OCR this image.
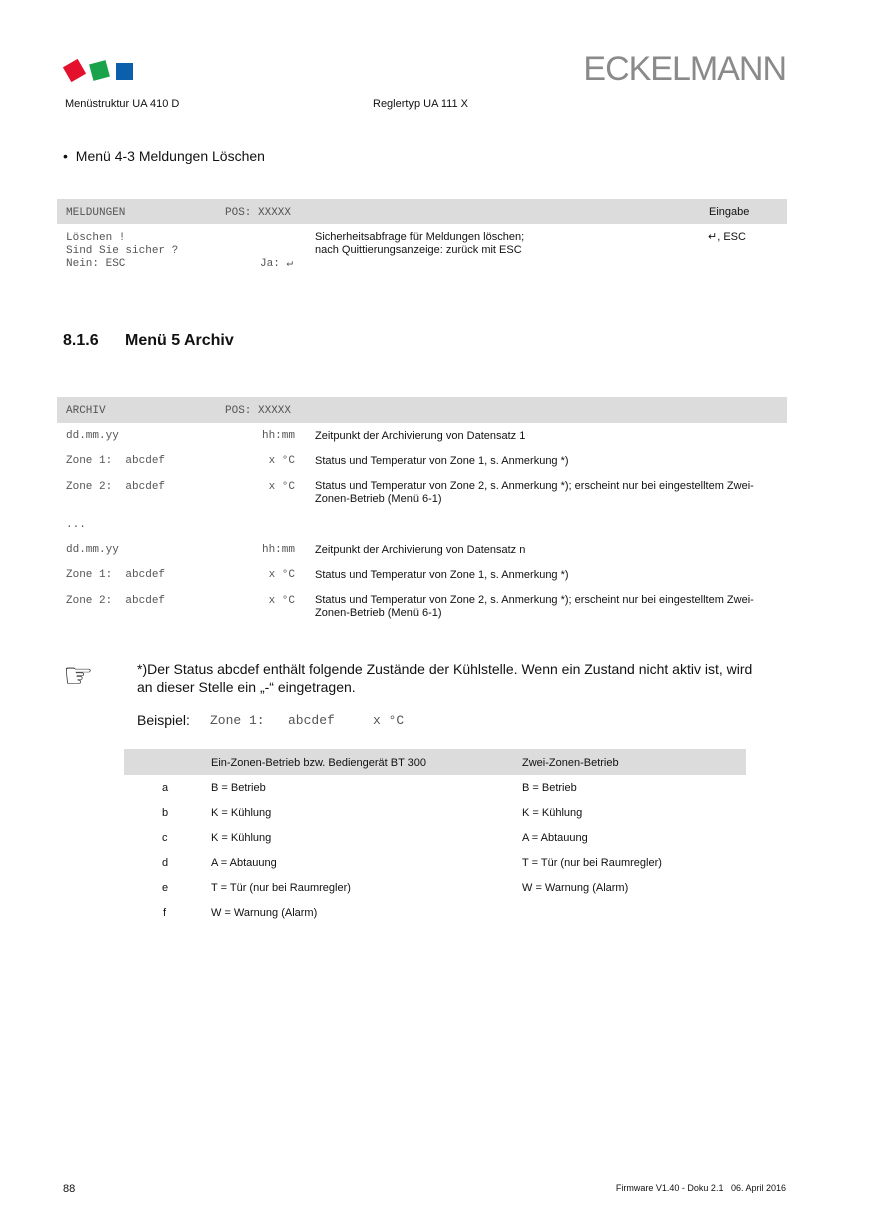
ECKELMANN
Menüstruktur UA 410 D	Reglertyp UA 111 X
• Menü 4-3 Meldungen Löschen
MELDUNGEN	POS: XXXXX	Eingabe
Löschen !
Sind Sie sicher ?
Nein: ESC	Ja: ↵
Sicherheitsabfrage für Meldungen löschen;
nach Quittierungsanzeige: zurück mit ESC
↵, ESC
8.1.6 Menü 5 Archiv
ARCHIV	POS: XXXXX
dd.mm.yy	hh:mm Zeitpunkt der Archivierung von Datensatz 1
Zone 1:  abcdef	x °C Status und Temperatur von Zone 1, s. Anmerkung *)
Zone 2:  abcdef	x °C Status und Temperatur von Zone 2, s. Anmerkung *); erscheint nur bei eingestelltem Zwei-
Zonen-Betrieb (Menü 6-1)
...
dd.mm.yy	hh:mm Zeitpunkt der Archivierung von Datensatz n
Zone 1:  abcdef	x °C Status und Temperatur von Zone 1, s. Anmerkung *)
Zone 2:  abcdef	x °C Status und Temperatur von Zone 2, s. Anmerkung *); erscheint nur bei eingestelltem Zwei-
Zonen-Betrieb (Menü 6-1)
☞	*)Der Status abcdef enthält folgende Zustände der Kühlstelle. Wenn ein Zustand nicht aktiv ist, wird
an dieser Stelle ein „-“ eingetragen.
Beispiel: Zone 1: abcdef	x °C
Ein-Zonen-Betrieb bzw. Bediengerät BT 300	Zwei-Zonen-Betrieb
a	B = Betrieb	B = Betrieb
b	K = Kühlung	K = Kühlung
c	K = Kühlung	A = Abtauung
d	A = Abtauung	T = Tür (nur bei Raumregler)
e	T = Tür (nur bei Raumregler)	W = Warnung (Alarm)
f	W = Warnung (Alarm)
88	Firmware V1.40 - Doku 2.1   06. April 2016
